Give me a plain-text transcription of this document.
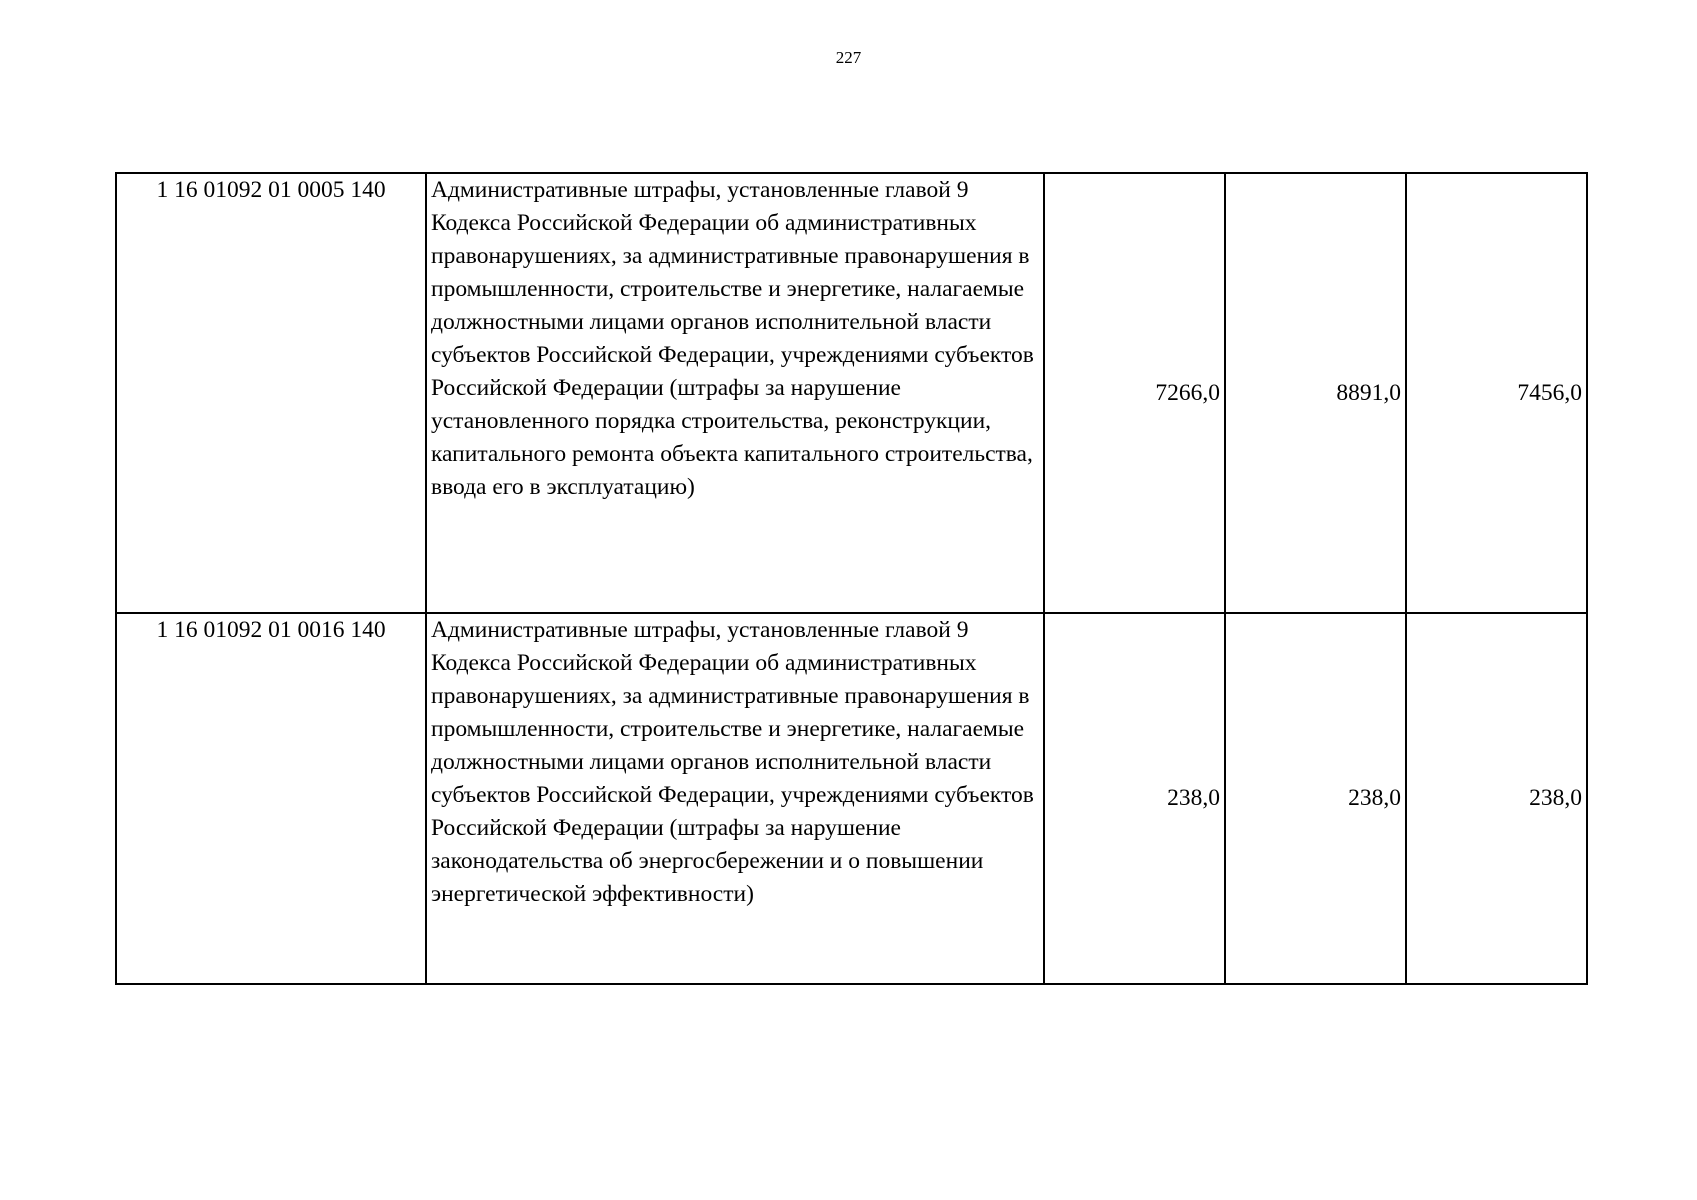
227
1 16 01092 01 0005 140	Административные штрафы, установленные главой 9 Кодекса Российской Федерации об административных правонарушениях, за административные правонарушения в промышленности, строительстве и энергетике, налагаемые должностными лицами органов исполнительной власти субъектов Российской Федерации, учреждениями субъектов Российской Федерации (штрафы за нарушение установленного порядка строительства, реконструкции, капитального ремонта объекта капитального строительства, ввода его в эксплуатацию)	7266,0	8891,0	7456,0
1 16 01092 01 0016 140	Административные штрафы, установленные главой 9 Кодекса Российской Федерации об административных правонарушениях, за административные правонарушения в промышленности, строительстве и энергетике, налагаемые должностными лицами органов исполнительной власти субъектов Российской Федерации, учреждениями субъектов Российской Федерации (штрафы за нарушение законодательства об энергосбережении и о повышении энергетической эффективности)	238,0	238,0	238,0
